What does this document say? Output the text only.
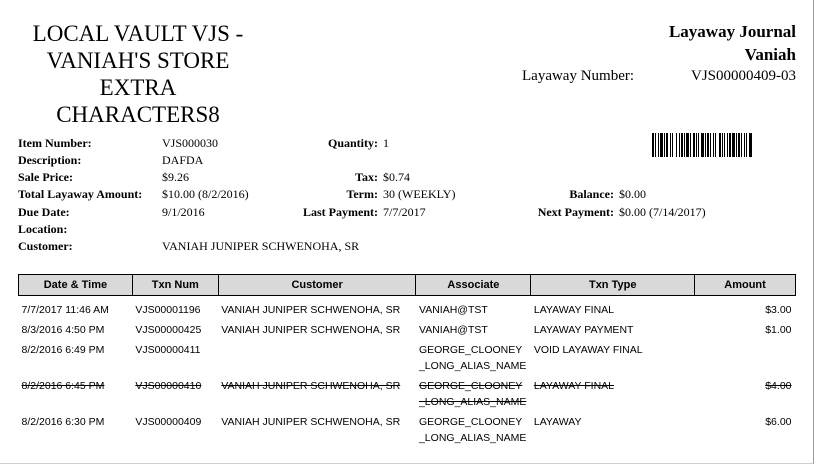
LOCAL VAULT VJS -
VANIAH'S STORE
EXTRA
CHARACTERS8
Layaway Journal
Vaniah
Layaway Number:	VJS00000409-03
Item Number:	VJS000030
Description:	DAFDA
Sale Price:	$9.26
Total Layaway Amount: $10.00 (8/2/2016)
Due Date:	9/1/2016
Location:
Customer:	VANIAH JUNIPER SCHWENOHA, SR
Quantity: 1
Tax: $0.74
Term: 30 (WEEKLY)
Last Payment: 7/7/2017
Balance: $0.00
Next Payment: $0.00 (7/14/2017)
Date & Time	Txn Num	Customer	Associate	Txn Type	Amount
7/7/2017 11:46 AM	VJS00001196	VANIAH JUNIPER SCHWENOHA, SR	VANIAH@TST	LAYAWAY FINAL	$3.00
8/3/2016 4:50 PM	VJS00000425	VANIAH JUNIPER SCHWENOHA, SR	VANIAH@TST	LAYAWAY PAYMENT	$1.00
8/2/2016 6:49 PM	VJS00000411		GEORGE_CLOONEY_LONG_ALIAS_NAME	VOID LAYAWAY FINAL	
8/2/2016 6:45 PM	VJS00000410	VANIAH JUNIPER SCHWENOHA, SR	GEORGE_CLOONEY_LONG_ALIAS_NAME	LAYAWAY FINAL	$4.00
8/2/2016 6:30 PM	VJS00000409	VANIAH JUNIPER SCHWENOHA, SR	GEORGE_CLOONEY_LONG_ALIAS_NAME	LAYAWAY	$6.00
